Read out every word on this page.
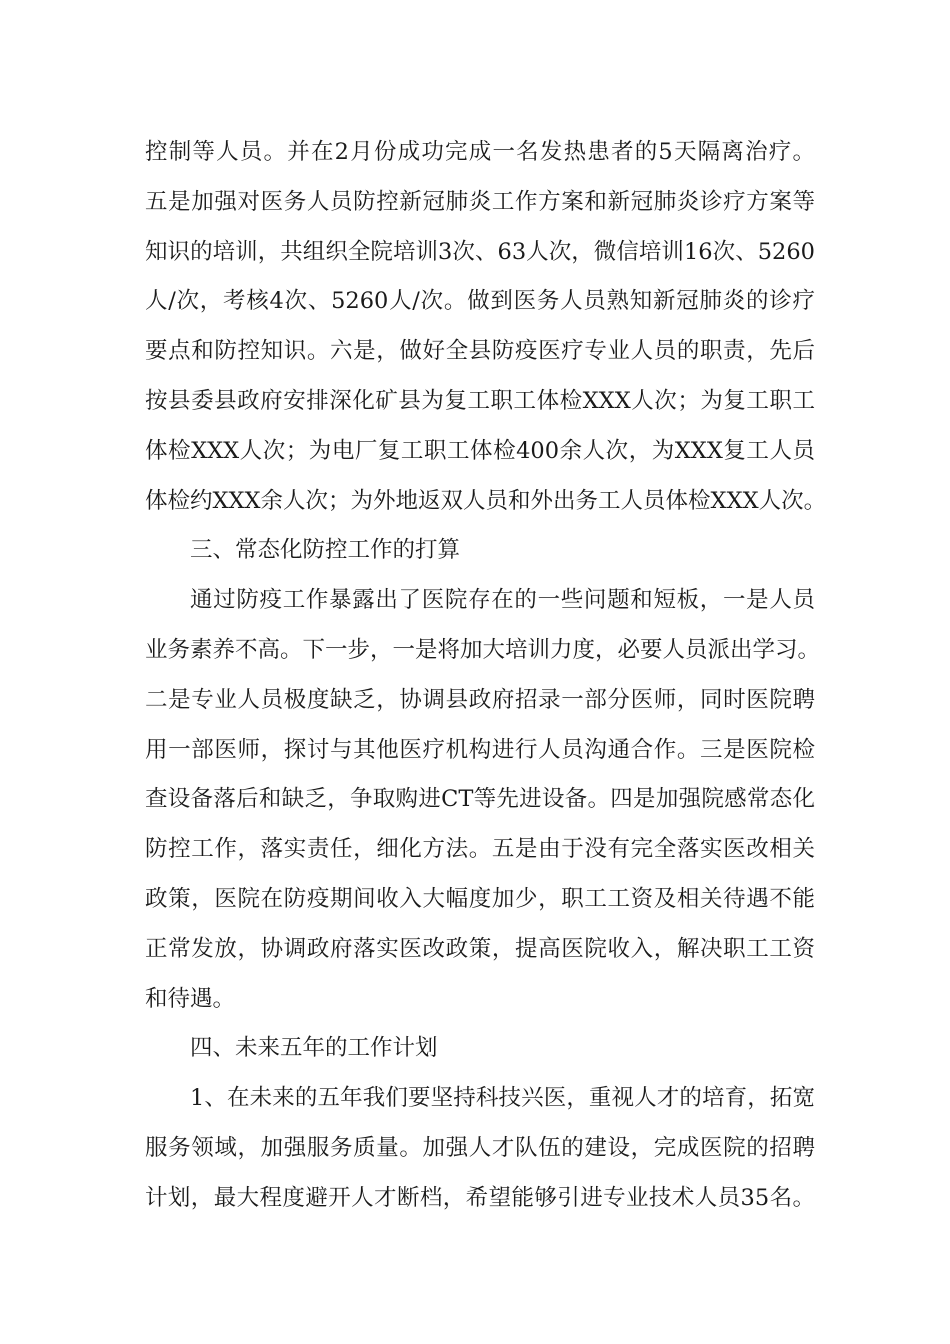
控制等人员。并在2月份成功完成一名发热患者的5天隔离治疗。
五是加强对医务人员防控新冠肺炎工作方案和新冠肺炎诊疗方案等
知识的培训，共组织全院培训3次、63人次，微信培训16次、5260
人/次，考核4次、5260人/次。做到医务人员熟知新冠肺炎的诊疗
要点和防控知识。六是，做好全县防疫医疗专业人员的职责，先后
按县委县政府安排深化矿县为复工职工体检XXX人次；为复工职工
体检XXX人次；为电厂复工职工体检400余人次，为XXX复工人员
体检约XXX余人次；为外地返双人员和外出务工人员体检XXX人次。
三、常态化防控工作的打算
通过防疫工作暴露出了医院存在的一些问题和短板，一是人员
业务素养不高。下一步，一是将加大培训力度，必要人员派出学习。
二是专业人员极度缺乏，协调县政府招录一部分医师，同时医院聘
用一部医师，探讨与其他医疗机构进行人员沟通合作。三是医院检
查设备落后和缺乏，争取购进CT等先进设备。四是加强院感常态化
防控工作，落实责任，细化方法。五是由于没有完全落实医改相关
政策，医院在防疫期间收入大幅度加少，职工工资及相关待遇不能
正常发放，协调政府落实医改政策，提高医院收入，解决职工工资
和待遇。
四、未来五年的工作计划
1、在未来的五年我们要坚持科技兴医，重视人才的培育，拓宽
服务领域，加强服务质量。加强人才队伍的建设，完成医院的招聘
计划，最大程度避开人才断档，希望能够引进专业技术人员35名。
